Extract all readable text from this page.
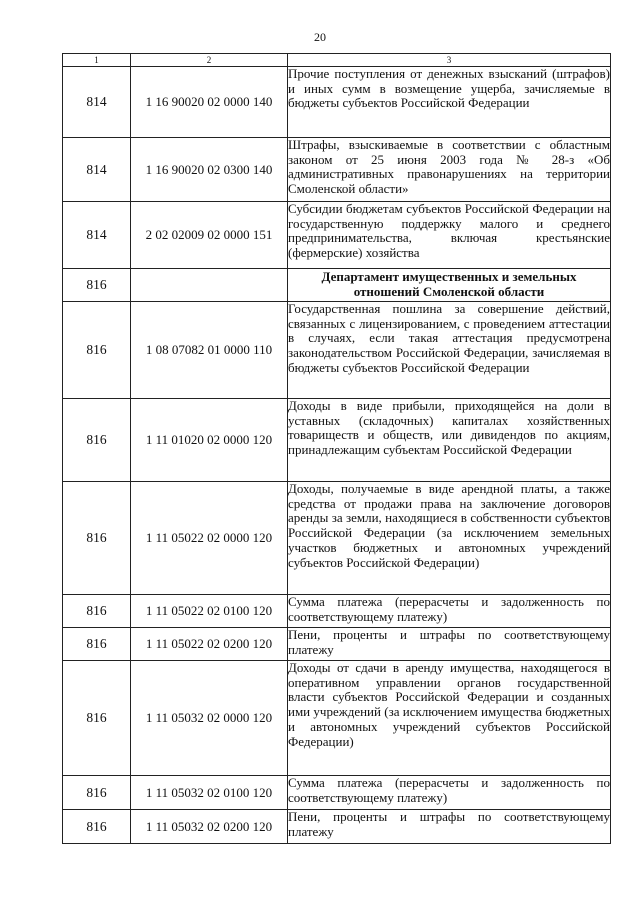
20
1	2	3
814	1 16 90020 02 0000 140	Прочие поступления от денежных взысканий (штрафов) и иных сумм в возмещение ущерба, зачисляемые в бюджеты субъектов Российской Федерации
814	1 16 90020 02 0300 140	Штрафы, взыскиваемые в соответствии с областным законом от 25 июня 2003 года № 28-з «Об административных правонарушениях на территории Смоленской области»
814	2 02 02009 02 0000 151	Субсидии бюджетам субъектов Российской Федерации на государственную поддержку малого и среднего предпринимательства, включая крестьянские (фермерские) хозяйства
816		Департамент имущественных и земельных отношений Смоленской области
816	1 08 07082 01 0000 110	Государственная пошлина за совершение действий, связанных с лицензированием, с проведением аттестации в случаях, если такая аттестация предусмотрена законодательством Российской Федерации, зачисляемая в бюджеты субъектов Российской Федерации
816	1 11 01020 02 0000 120	Доходы в виде прибыли, приходящейся на доли в уставных (складочных) капиталах хозяйственных товариществ и обществ, или дивидендов по акциям, принадлежащим субъектам Российской Федерации
816	1 11 05022 02 0000 120	Доходы, получаемые в виде арендной платы, а также средства от продажи права на заключение договоров аренды за земли, находящиеся в собственности субъектов Российской Федерации (за исключением земельных участков бюджетных и автономных учреждений субъектов Российской Федерации)
816	1 11 05022 02 0100 120	Сумма платежа (перерасчеты и задолженность по соответствующему платежу)
816	1 11 05022 02 0200 120	Пени, проценты и штрафы по соответствующему платежу
816	1 11 05032 02 0000 120	Доходы от сдачи в аренду имущества, находящегося в оперативном управлении органов государственной власти субъектов Российской Федерации и созданных ими учреждений (за исключением имущества бюджетных и автономных учреждений субъектов Российской Федерации)
816	1 11 05032 02 0100 120	Сумма платежа (перерасчеты и задолженность по соответствующему платежу)
816	1 11 05032 02 0200 120	Пени, проценты и штрафы по соответствующему платежу
